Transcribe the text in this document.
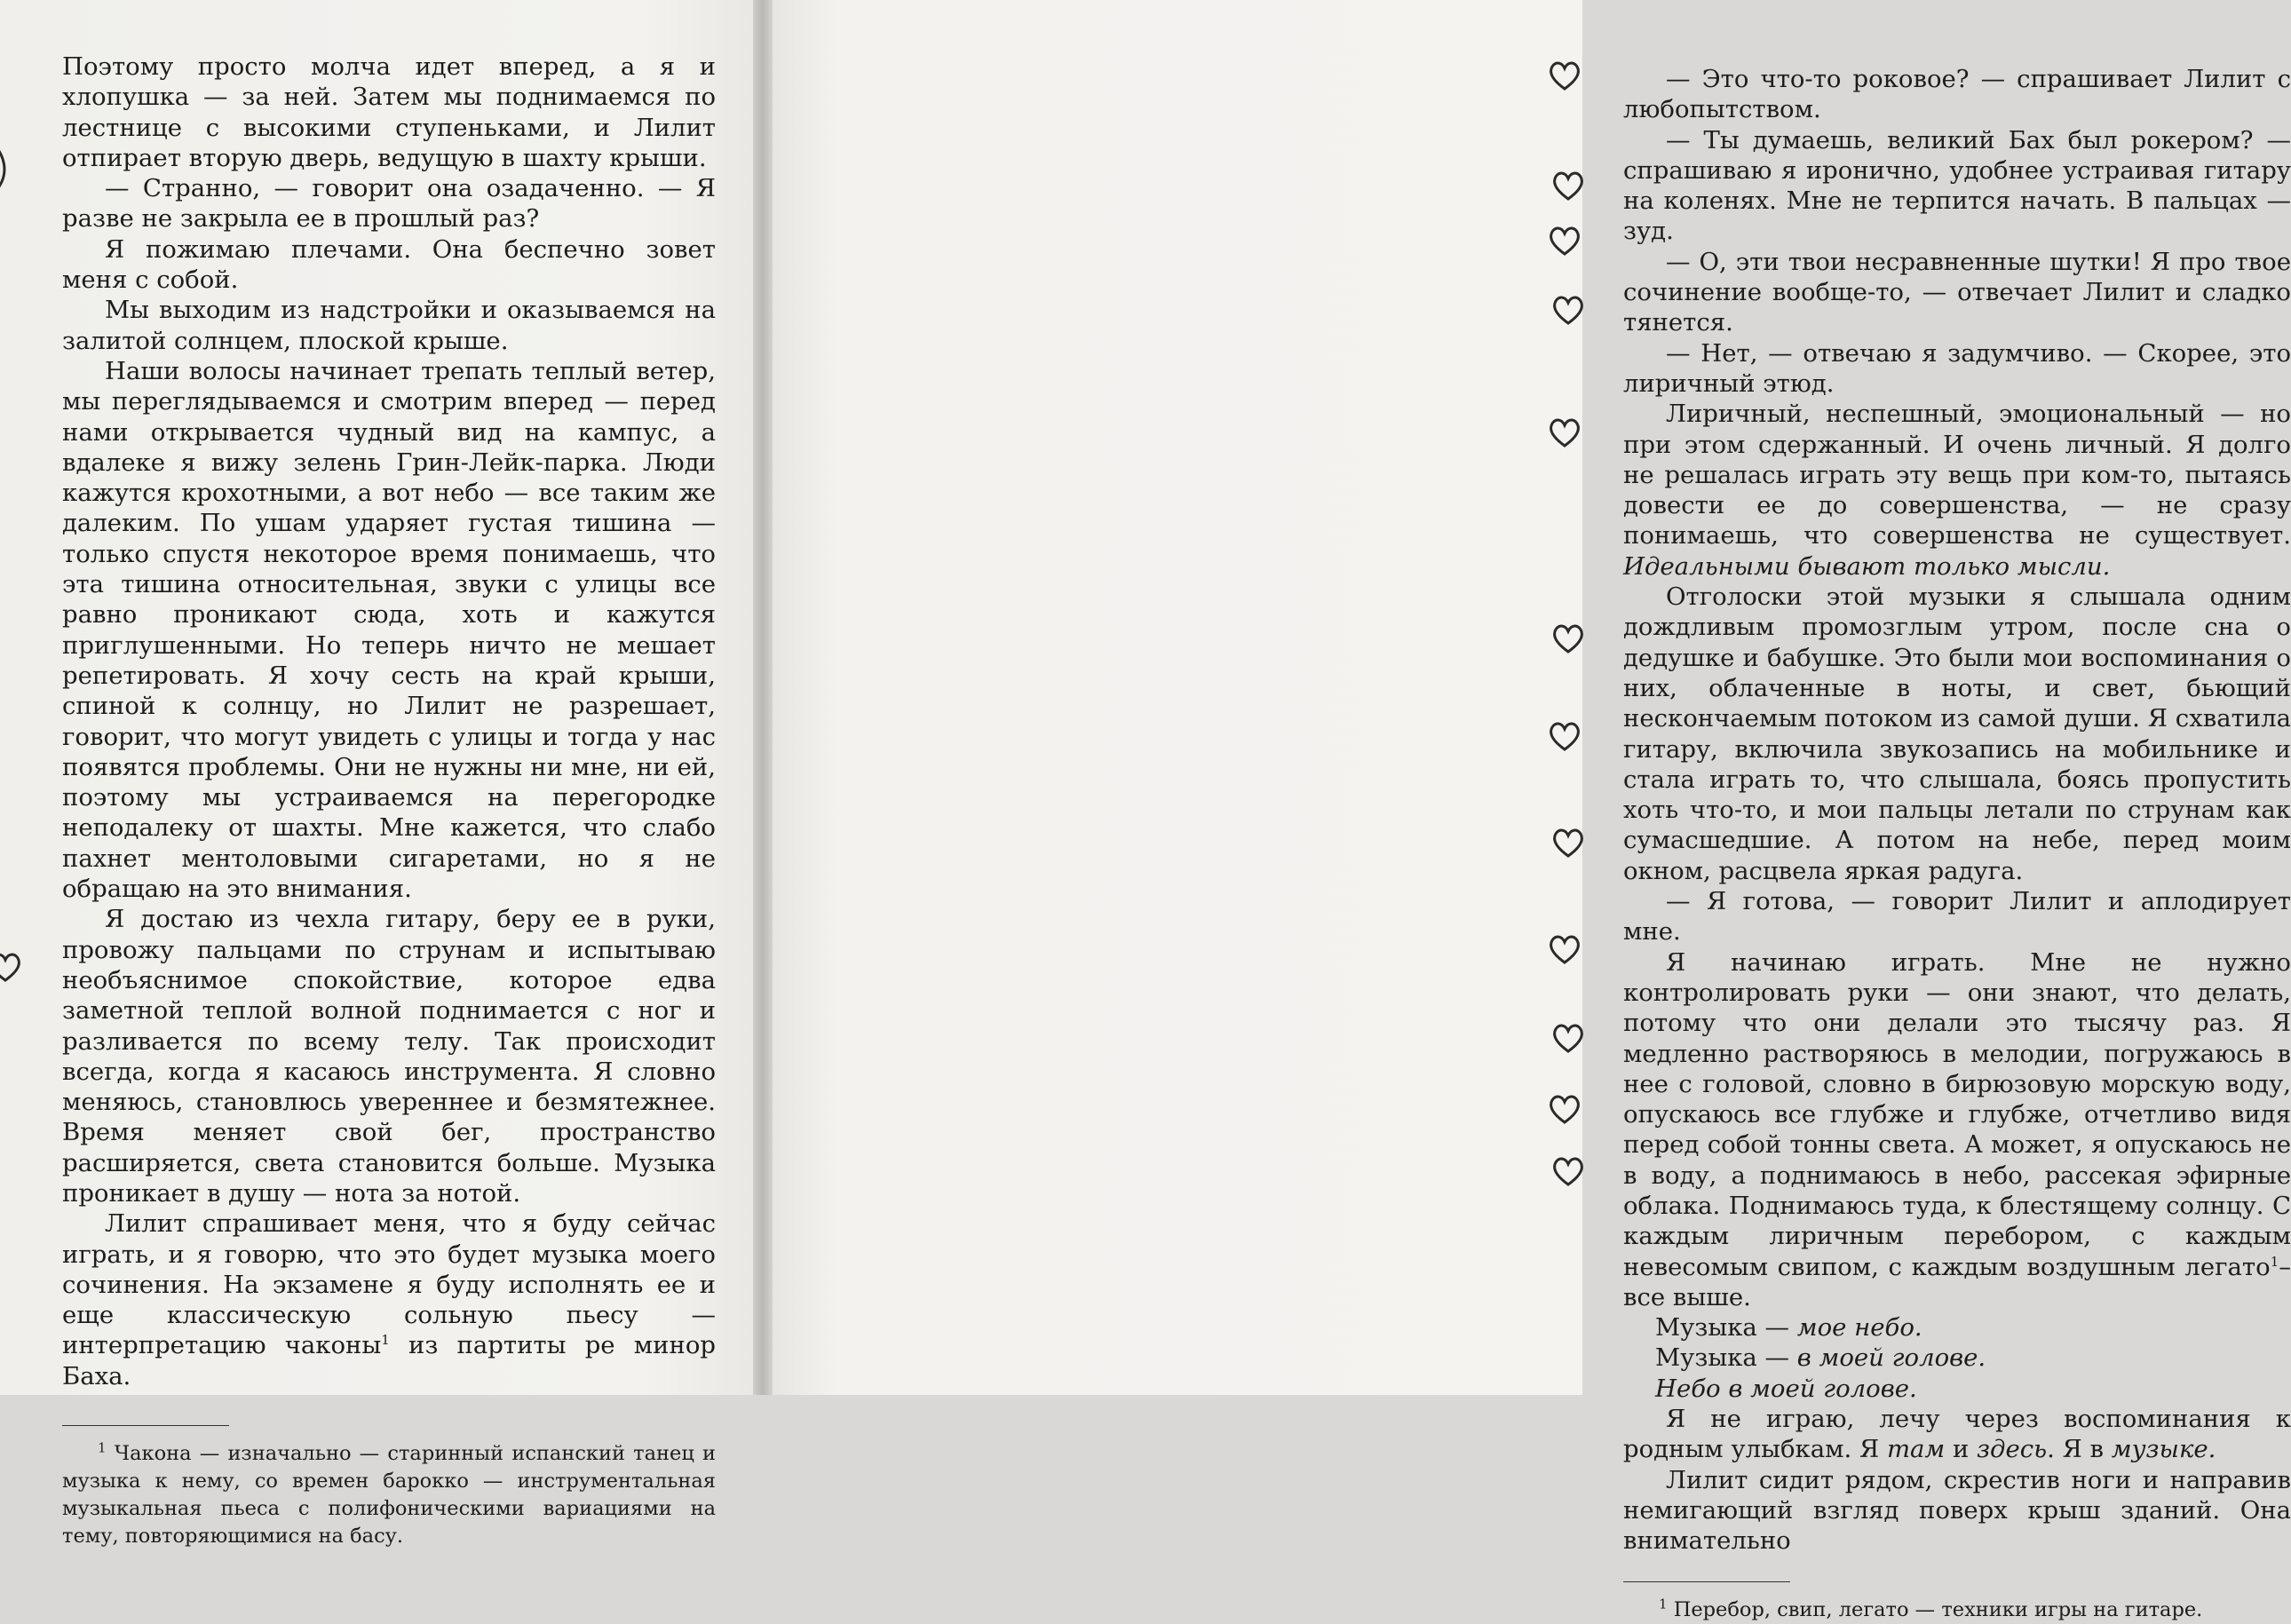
Поэтому просто молча идет вперед, а я и хлопушка — за ней. Затем мы поднимаемся по лестнице с высокими ступеньками, и Лилит отпирает вторую дверь, ведущую в шахту крыши.

— Странно, — говорит она озадаченно. — Я разве не закрыла ее в прошлый раз?

Я пожимаю плечами. Она беспечно зовет меня с собой.

Мы выходим из надстройки и оказываемся на залитой солнцем, плоской крыше.

Наши волосы начинает трепать теплый ветер, мы переглядываемся и смотрим вперед — перед нами открывается чудный вид на кампус, а вдалеке я вижу зелень Грин-Лейк-парка. Люди кажутся крохотными, а вот небо — все таким же далеким. По ушам ударяет густая тишина — только спустя некоторое время понимаешь, что эта тишина относительная, звуки с улицы все равно проникают сюда, хоть и кажутся приглушенными. Но теперь ничто не мешает репетировать. Я хочу сесть на край крыши, спиной к солнцу, но Лилит не разрешает, говорит, что могут увидеть с улицы и тогда у нас появятся проблемы. Они не нужны ни мне, ни ей, поэтому мы устраиваемся на перегородке неподалеку от шахты. Мне кажется, что слабо пахнет ментоловыми сигаретами, но я не обращаю на это внимания.

Я достаю из чехла гитару, беру ее в руки, провожу пальцами по струнам и испытываю необъяснимое спокойствие, которое едва заметной теплой волной поднимается с ног и разливается по всему телу. Так происходит всегда, когда я касаюсь инструмента. Я словно меняюсь, становлюсь увереннее и безмятежнее. Время меняет свой бег, пространство расширяется, света становится больше. Музыка проникает в душу — нота за нотой.

Лилит спрашивает меня, что я буду сейчас играть, и я говорю, что это будет музыка моего сочинения. На экзамене я буду исполнять ее и еще классическую сольную пьесу — интерпретацию чаконы$^1$ из партиты ре минор Баха.

$^1$ Чакона — изначально — старинный испанский танец и музыка к нему, со времен барокко — инструментальная музыкальная пьеса с полифоническими вариациями на тему, повторяющимися на басу.

— Это что-то роковое? — спрашивает Лилит с любопытством.

— Ты думаешь, великий Бах был рокером? — спрашиваю я иронично, удобнее устраивая гитару на коленях. Мне не терпится начать. В пальцах — зуд.

— О, эти твои несравненные шутки! Я про твое сочинение вообще-то, — отвечает Лилит и сладко тянется.

— Нет, — отвечаю я задумчиво. — Скорее, это лиричный этюд.

Лиричный, неспешный, эмоциональный — но при этом сдержанный. И очень личный. Я долго не решалась играть эту вещь при ком-то, пытаясь довести ее до совершенства, — не сразу понимаешь, что совершенства не существует. Идеальными бывают только мысли.

Отголоски этой музыки я слышала одним дождливым промозглым утром, после сна о дедушке и бабушке. Это были мои воспоминания о них, облаченные в ноты, и свет, бьющий нескончаемым потоком из самой души. Я схватила гитару, включила звукозапись на мобильнике и стала играть то, что слышала, боясь пропустить хоть что-то, и мои пальцы летали по струнам как сумасшедшие. А потом на небе, перед моим окном, расцвела яркая радуга.

— Я готова, — говорит Лилит и аплодирует мне.

Я начинаю играть. Мне не нужно контролировать руки — они знают, что делать, потому что они делали это тысячу раз. Я медленно растворяюсь в мелодии, погружаюсь в нее с головой, словно в бирюзовую морскую воду, опускаюсь все глубже и глубже, отчетливо видя перед собой тонны света. А может, я опускаюсь не в воду, а поднимаюсь в небо, рассекая эфирные облака. Поднимаюсь туда, к блестящему солнцу. С каждым лиричным перебором, с каждым невесомым свипом, с каждым воздушным легато$^1$– все выше.

Музыка — мое небо.

Музыка — в моей голове.

Небо в моей голове.

Я не играю, лечу через воспоминания к родным улыбкам. Я там и здесь. Я в музыке.

Лилит сидит рядом, скрестив ноги и направив немигающий взгляд поверх крыш зданий. Она внимательно

$^1$ Перебор, свип, легато — техники игры на гитаре.
